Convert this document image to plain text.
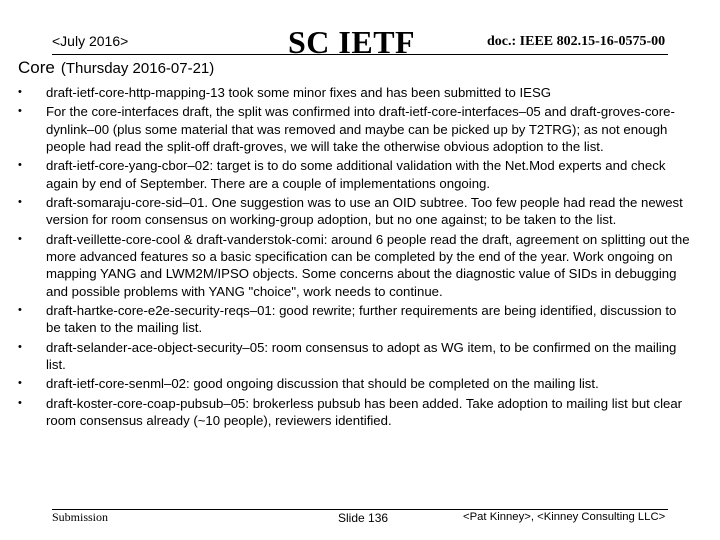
<July 2016>	SC IETF	doc.: IEEE 802.15-16-0575-00
Core (Thursday 2016-07-21)
• draft-ietf-core-http-mapping-13 took some minor fixes and has been submitted to IESG
• For the core-interfaces draft, the split was confirmed into draft-ietf-core-interfaces–05 and draft-groves-core-dynlink–00 (plus some material that was removed and maybe can be picked up by T2TRG); as not enough people had read the split-off draft-groves, we will take the otherwise obvious adoption to the list.
• draft-ietf-core-yang-cbor–02: target is to do some additional validation with the Net.Mod experts and check again by end of September. There are a couple of implementations ongoing.
• draft-somaraju-core-sid–01. One suggestion was to use an OID subtree. Too few people had read the newest version for room consensus on working-group adoption, but no one against; to be taken to the list.
• draft-veillette-core-cool & draft-vanderstok-comi: around 6 people read the draft, agreement on splitting out the more advanced features so a basic specification can be completed by the end of the year. Work ongoing on mapping YANG and LWM2M/IPSO objects. Some concerns about the diagnostic value of SIDs in debugging and possible problems with YANG "choice", work needs to continue.
• draft-hartke-core-e2e-security-reqs–01: good rewrite; further requirements are being identified, discussion to be taken to the mailing list.
• draft-selander-ace-object-security–05: room consensus to adopt as WG item, to be confirmed on the mailing list.
• draft-ietf-core-senml–02: good ongoing discussion that should be completed on the mailing list.
• draft-koster-core-coap-pubsub–05: brokerless pubsub has been added. Take adoption to mailing list but clear room consensus already (~10 people), reviewers identified.
Submission	Slide 136	<Pat Kinney>, <Kinney Consulting LLC>
